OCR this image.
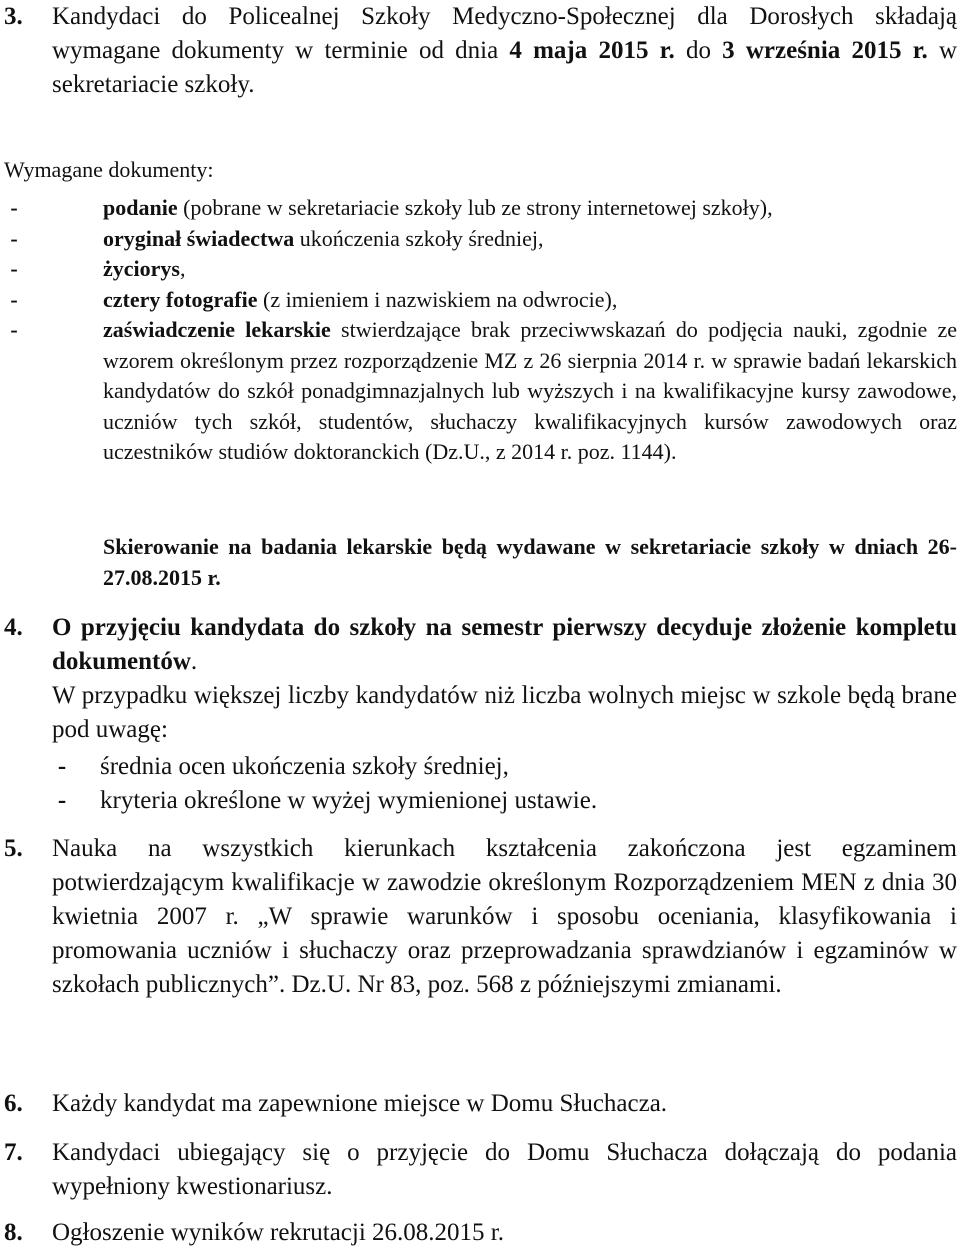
3. Kandydaci do Policealnej Szkoły Medyczno-Społecznej dla Dorosłych składają wymagane dokumenty w terminie od dnia 4 maja 2015 r. do 3 września 2015 r. w sekretariacie szkoły.
Wymagane dokumenty:
-	podanie (pobrane w sekretariacie szkoły lub ze strony internetowej szkoły),
-	oryginał świadectwa ukończenia szkoły średniej,
-	życiorys,
-	cztery fotografie (z imieniem i nazwiskiem na odwrocie),
-	zaświadczenie lekarskie stwierdzające brak przeciwwskazań do podjęcia nauki, zgodnie ze wzorem określonym przez rozporządzenie MZ z 26 sierpnia 2014 r. w sprawie badań lekarskich kandydatów do szkół ponadgimnazjalnych lub wyższych i na kwalifikacyjne kursy zawodowe, uczniów tych szkół, studentów, słuchaczy kwalifikacyjnych kursów zawodowych oraz uczestników studiów doktoranckich (Dz.U., z 2014 r. poz. 1144).
Skierowanie na badania lekarskie będą wydawane w sekretariacie szkoły w dniach 26-27.08.2015 r.
4. O przyjęciu kandydata do szkoły na semestr pierwszy decyduje złożenie kompletu dokumentów.
W przypadku większej liczby kandydatów niż liczba wolnych miejsc w szkole będą brane pod uwagę:
- średnia ocen ukończenia szkoły średniej,
- kryteria określone w wyżej wymienionej ustawie.
5. Nauka na wszystkich kierunkach kształcenia zakończona jest egzaminem potwierdzającym kwalifikacje w zawodzie określonym Rozporządzeniem MEN z dnia 30 kwietnia 2007 r. „W sprawie warunków i sposobu oceniania, klasyfikowania i promowania uczniów i słuchaczy oraz przeprowadzania sprawdzianów i egzaminów w szkołach publicznych”. Dz.U. Nr 83, poz. 568 z późniejszymi zmianami.
6. Każdy kandydat ma zapewnione miejsce w Domu Słuchacza.
7. Kandydaci ubiegający się o przyjęcie do Domu Słuchacza dołączają do podania wypełniony kwestionariusz.
8. Ogłoszenie wyników rekrutacji 26.08.2015 r.
